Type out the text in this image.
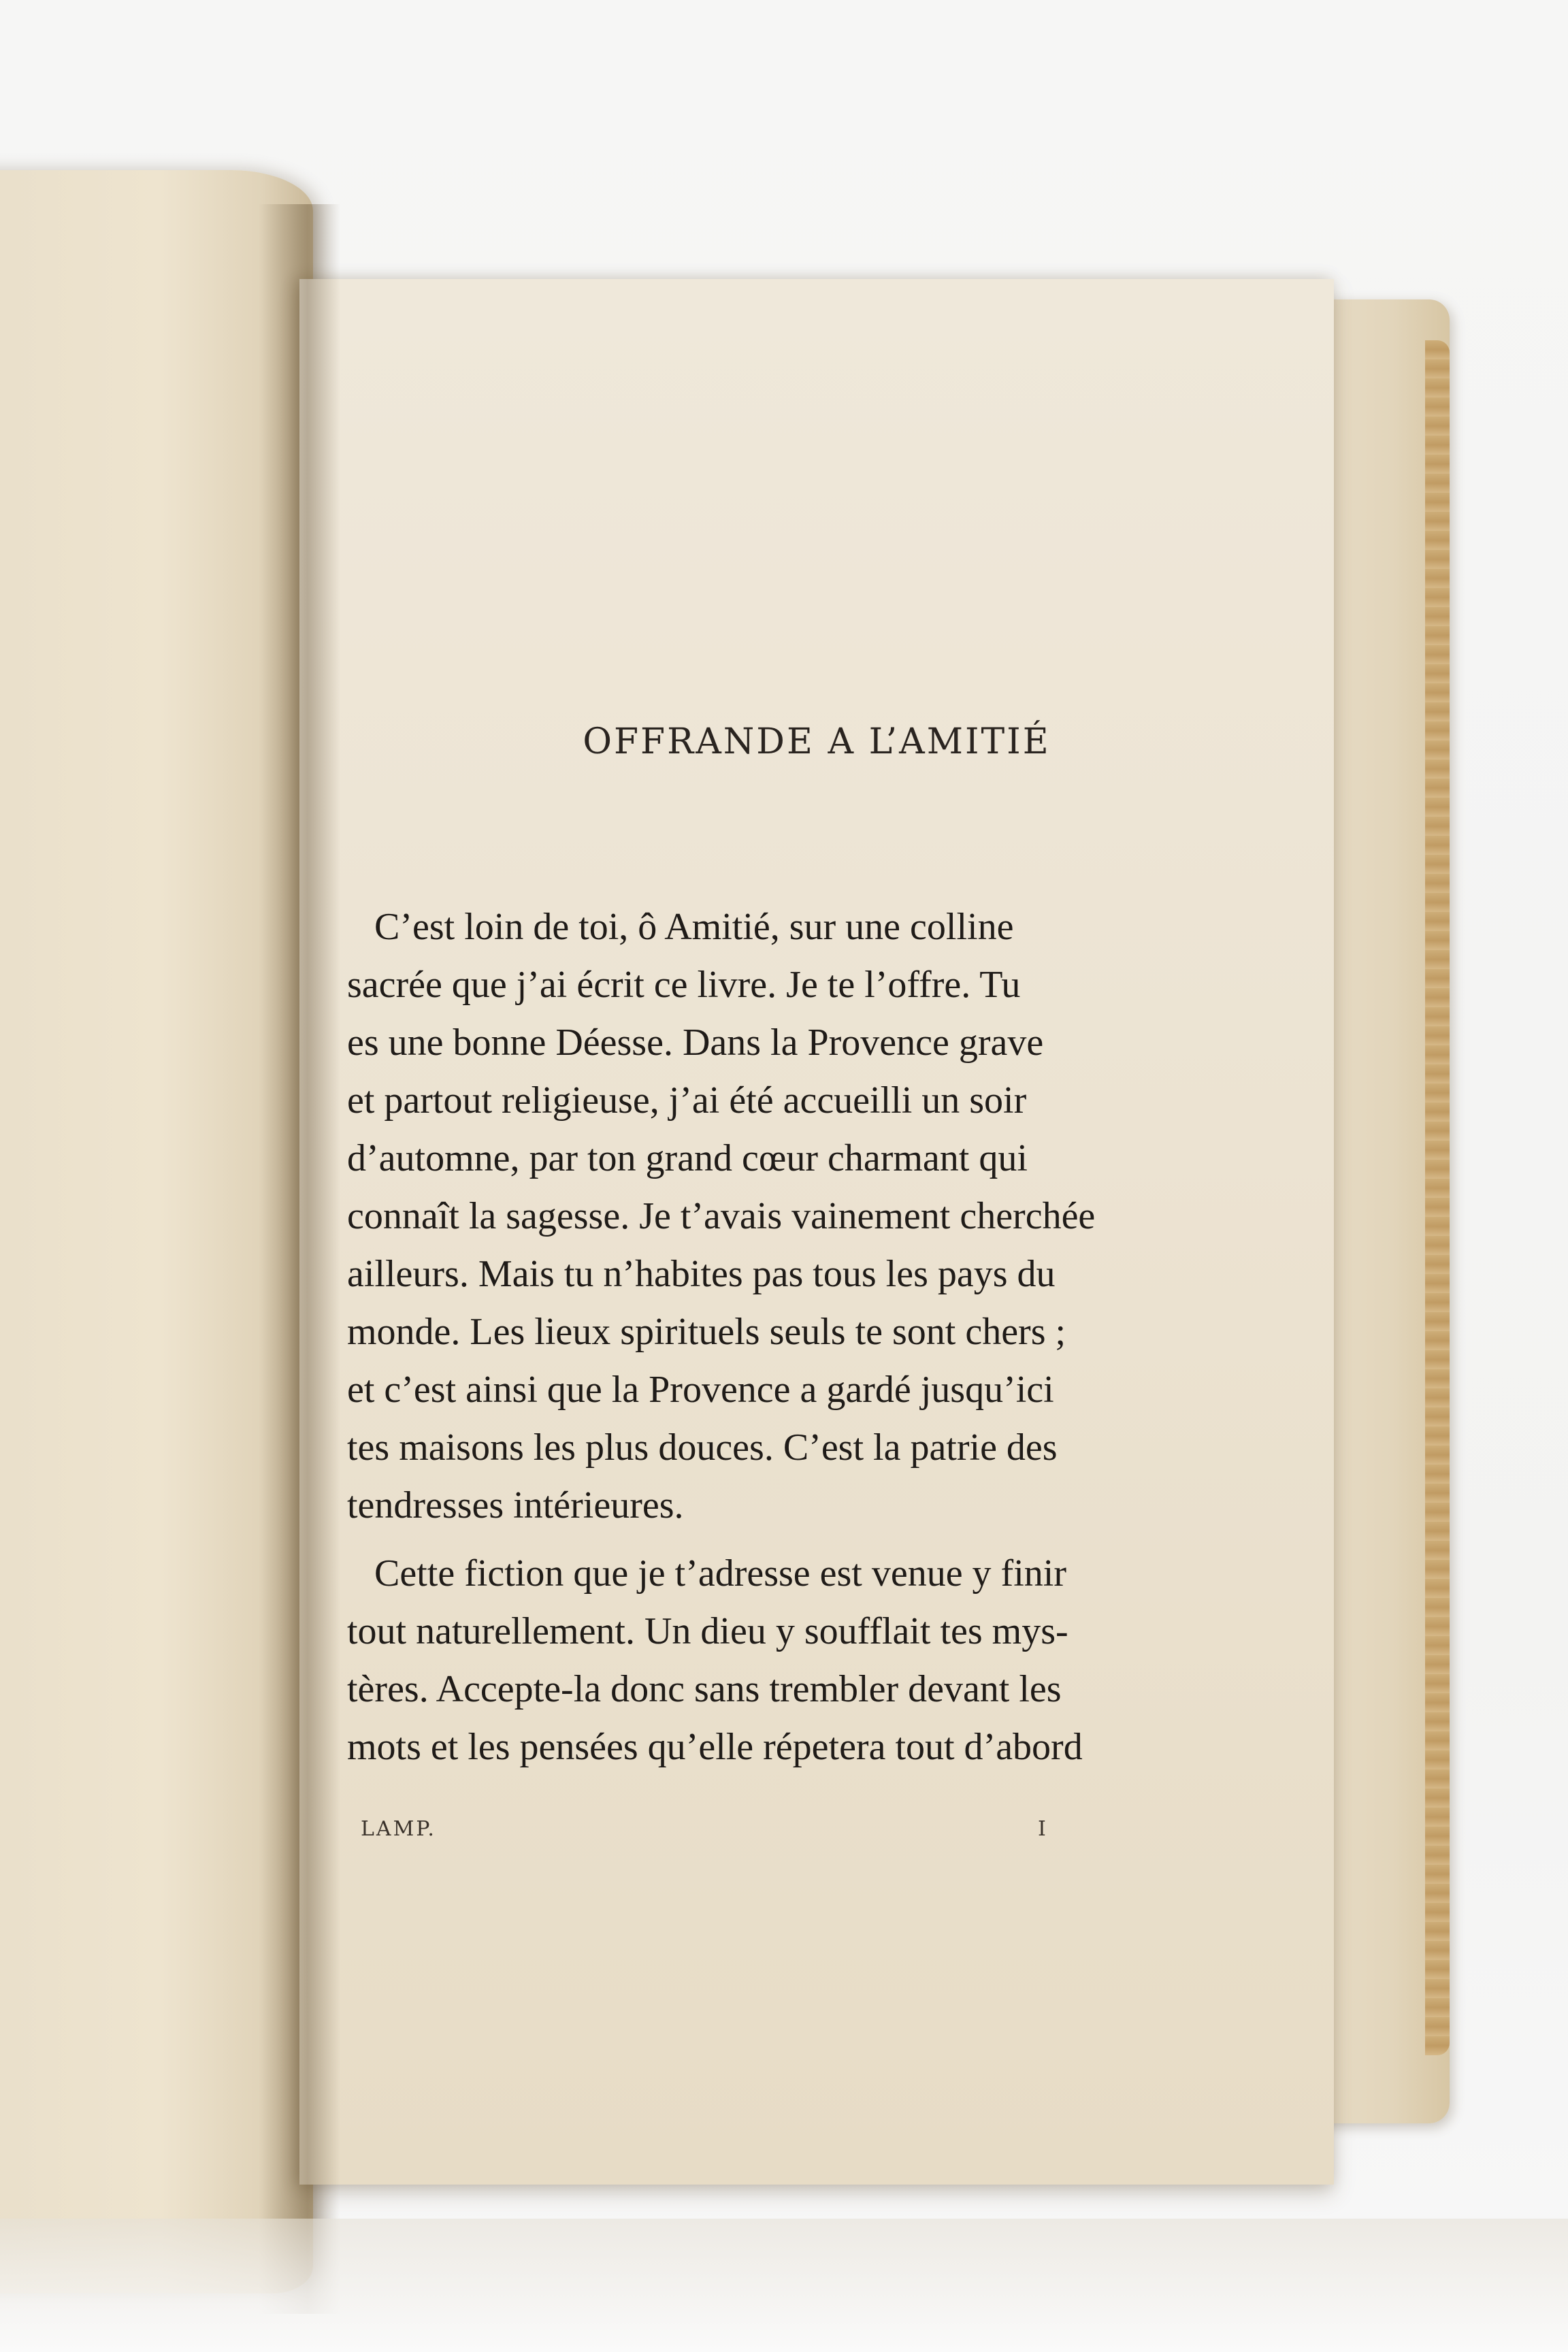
OFFRANDE A L’AMITIÉ
C’est loin de toi, ô Amitié, sur une colline
sacrée que j’ai écrit ce livre. Je te l’offre. Tu
es une bonne Déesse. Dans la Provence grave
et partout religieuse, j’ai été accueilli un soir
d’automne, par ton grand cœur charmant qui
connaît la sagesse. Je t’avais vainement cherchée
ailleurs. Mais tu n’habites pas tous les pays du
monde. Les lieux spirituels seuls te sont chers ;
et c’est ainsi que la Provence a gardé jusqu’ici
tes maisons les plus douces. C’est la patrie des
tendresses intérieures.
Cette fiction que je t’adresse est venue y finir
tout naturellement. Un dieu y soufflait tes mys-
tères. Accepte-la donc sans trembler devant les
mots et les pensées qu’elle répetera tout d’abord
LAMP.	I
